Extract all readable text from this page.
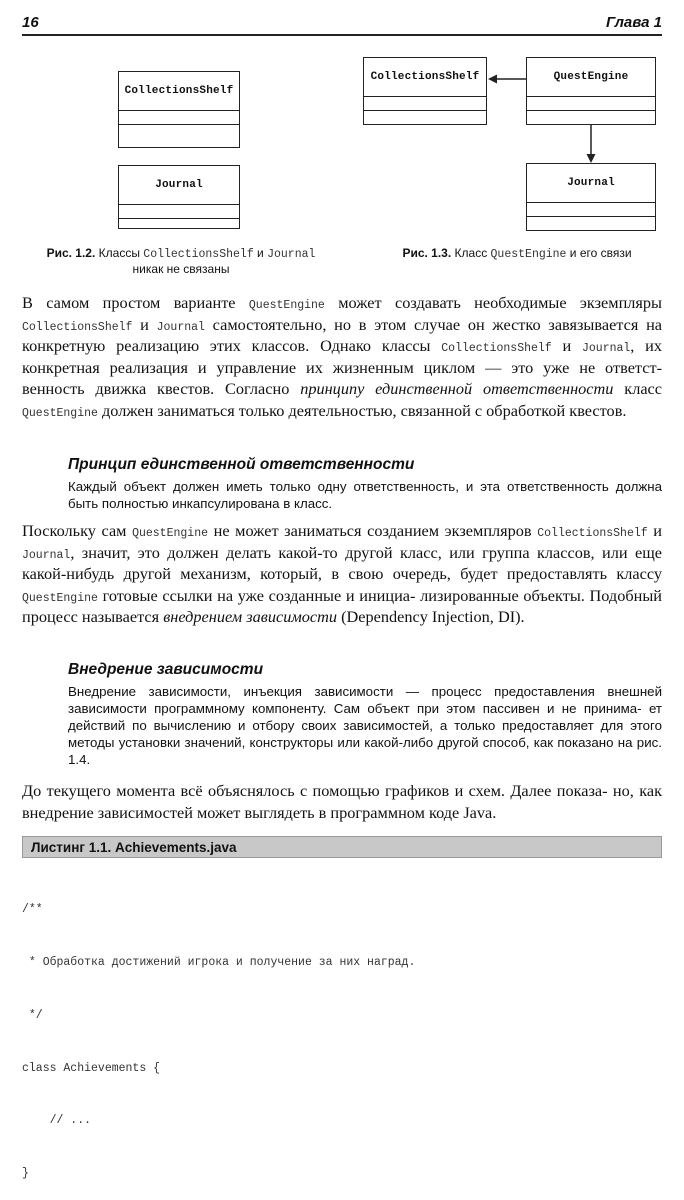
16	Глава 1
CollectionsShelf
Journal
Рис. 1.2. Классы CollectionsShelf и Journal
никак не связаны
CollectionsShelf	QuestEngine
Journal
Рис. 1.3. Класс QuestEngine и его связи
В самом простом варианте QuestEngine может создавать необходимые экземпляры CollectionsShelf и Journal самостоятельно, но в этом случае он жестко завязывается на конкретную реализацию этих классов. Однако классы CollectionsShelf и Journal, их конкретная реализация и управление их жизненным циклом — это уже не ответст- венность движка квестов. Согласно принципу единственной ответственности класс QuestEngine должен заниматься только деятельностью, связанной с обработкой квестов.
Принцип единственной ответственности
Каждый объект должен иметь только одну ответственность, и эта ответственность должна быть полностью инкапсулирована в класс.
Поскольку сам QuestEngine не может заниматься созданием экземпляров CollectionsShelf и Journal, значит, это должен делать какой-то другой класс, или группа классов, или еще какой-нибудь другой механизм, который, в свою очередь, будет предоставлять классу QuestEngine готовые ссылки на уже созданные и инициа- лизированные объекты. Подобный процесс называется внедрением зависимости (Dependency Injection, DI).
Внедрение зависимости
Внедрение зависимости, инъекция зависимости — процесс предоставления внешней зависимости программному компоненту. Сам объект при этом пассивен и не принима- ет действий по вычислению и отбору своих зависимостей, а только предоставляет для этого методы установки значений, конструкторы или какой-либо другой способ, как показано на рис. 1.4.
До текущего момента всё объяснялось с помощью графиков и схем. Далее показа- но, как внедрение зависимостей может выглядеть в программном коде Java.
Листинг 1.1. Achievements.java

/**

* Обработка достижений игрока и получение за них наград.

*/

class Achievements {

// ...

}
